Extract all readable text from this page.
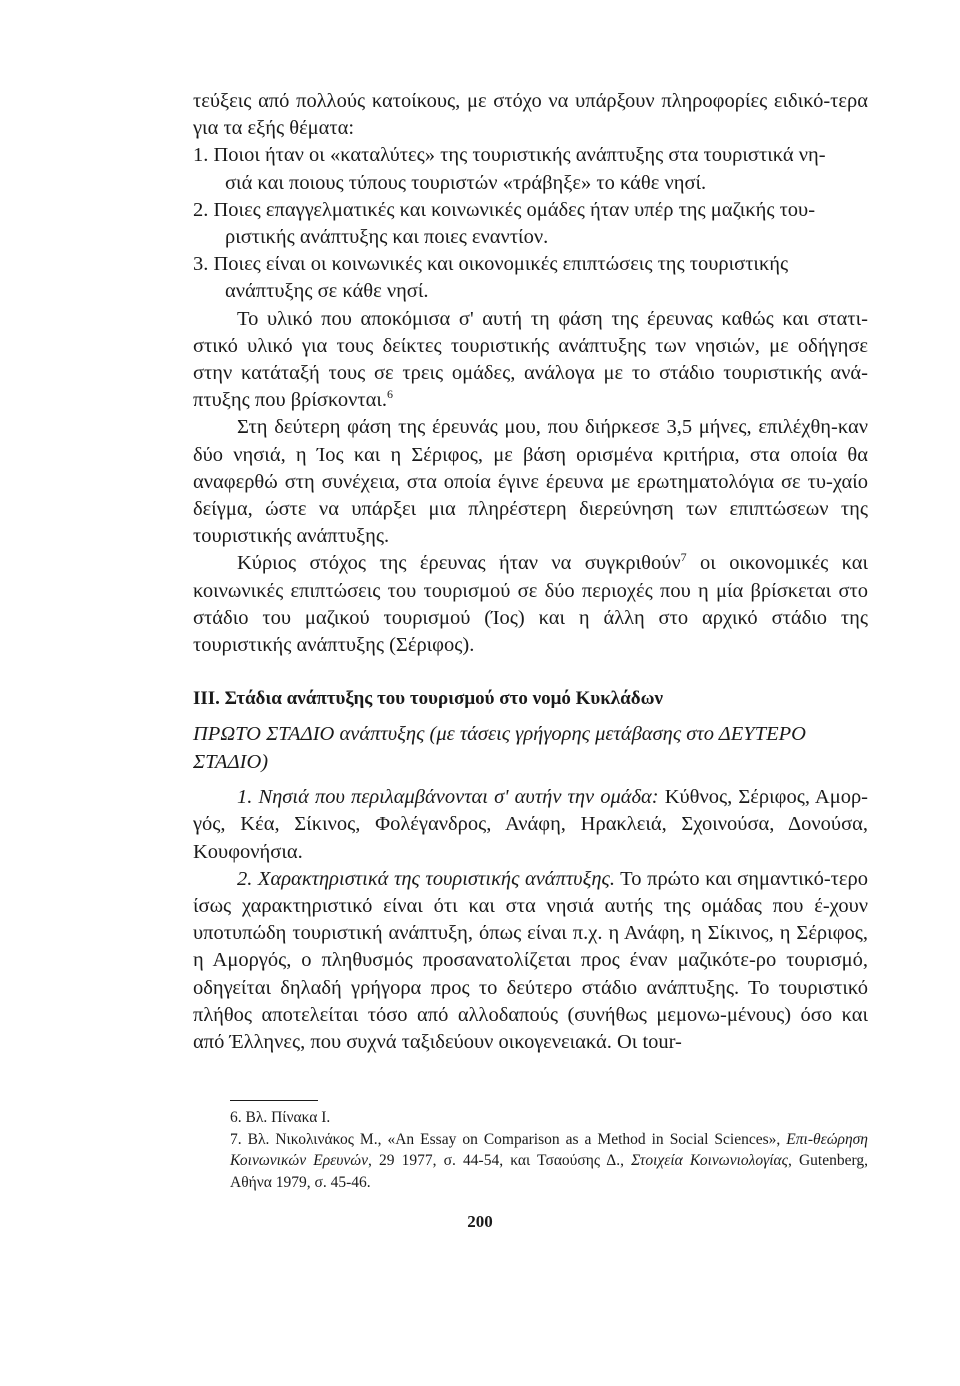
τεύξεις από πολλούς κατοίκους, με στόχο να υπάρξουν πληροφορίες ειδικό-τερα για τα εξής θέματα:

1. Ποιοι ήταν οι «καταλύτες» της τουριστικής ανάπτυξης στα τουριστικά νη-
σιά και ποιους τύπους τουριστών «τράβηξε» το κάθε νησί.

2. Ποιες επαγγελματικές και κοινωνικές ομάδες ήταν υπέρ της μαζικής του-
ριστικής ανάπτυξης και ποιες εναντίον.

3. Ποιες είναι οι κοινωνικές και οικονομικές επιπτώσεις της τουριστικής
ανάπτυξης σε κάθε νησί.

Το υλικό που αποκόμισα σ' αυτή τη φάση της έρευνας καθώς και στατι-στικό υλικό για τους δείκτες τουριστικής ανάπτυξης των νησιών, με οδήγησε στην κατάταξή τους σε τρεις ομάδες, ανάλογα με το στάδιο τουριστικής ανά-πτυξης που βρίσκονται.$^6$

Στη δεύτερη φάση της έρευνάς μου, που διήρκεσε 3,5 μήνες, επιλέχθη-καν δύο νησιά, η Ίος και η Σέριφος, με βάση ορισμένα κριτήρια, στα οποία θα αναφερθώ στη συνέχεια, στα οποία έγινε έρευνα με ερωτηματολόγια σε τυ-χαίο δείγμα, ώστε να υπάρξει μια πληρέστερη διερεύνηση των επιπτώσεων της τουριστικής ανάπτυξης.

Κύριος στόχος της έρευνας ήταν να συγκριθούν$^7$ οι οικονομικές και κοινωνικές επιπτώσεις του τουρισμού σε δύο περιοχές που η μία βρίσκεται στο στάδιο του μαζικού τουρισμού (Ίος) και η άλλη στο αρχικό στάδιο της τουριστικής ανάπτυξης (Σέριφος).

ΙΙΙ. Στάδια ανάπτυξης του τουρισμού στο νομό Κυκλάδων

ΠΡΩΤΟ ΣΤΑΔΙΟ ανάπτυξης (με τάσεις γρήγορης μετάβασης στο ΔΕΥΤΕΡΟ ΣΤΑΔΙΟ)

1. Νησιά που περιλαμβάνονται σ' αυτήν την ομάδα: Κύθνος, Σέριφος, Αμορ-γός, Κέα, Σίκινος, Φολέγανδρος, Ανάφη, Ηρακλειά, Σχοινούσα, Δονούσα, Κουφονήσια.

2. Χαρακτηριστικά της τουριστικής ανάπτυξης. Το πρώτο και σημαντικό-τερο ίσως χαρακτηριστικό είναι ότι και στα νησιά αυτής της ομάδας που έ-χουν υποτυπώδη τουριστική ανάπτυξη, όπως είναι π.χ. η Ανάφη, η Σίκινος, η Σέριφος, η Αμοργός, ο πληθυσμός προσανατολίζεται προς έναν μαζικότε-ρο τουρισμό, οδηγείται δηλαδή γρήγορα προς το δεύτερο στάδιο ανάπτυξης. Το τουριστικό πλήθος αποτελείται τόσο από αλλοδαπούς (συνήθως μεμονω-μένους) όσο και από Έλληνες, που συχνά ταξιδεύουν οικογενειακά. Οι tour-

6. Βλ. Πίνακα Ι.

7. Βλ. Νικολινάκος Μ., «An Essay on Comparison as a Method in Social Sciences», Επι-θεώρηση Κοινωνικών Ερευνών, 29 1977, σ. 44-54, και Τσαούσης Δ., Στοιχεία Κοινωνιολογίας, Gutenberg, Αθήνα 1979, σ. 45-46.

200
